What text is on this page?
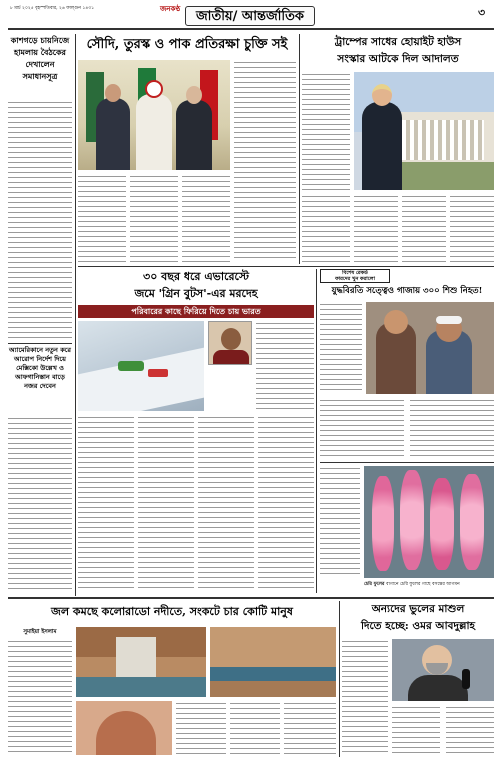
৮ মার্চ ২০২৫ বৃহস্পতিবার, ২৬ ফাল্গুন ১৪৩১	জনকণ্ঠ
জাতীয়/ আন্তর্জাতিক	৩
কাশগড়ে চায়নিজে হামলায় বৈঠকের দেখালেন সমাধানসূত্র
অ্যামেরিকানে নতুন করে আরোপ নির্দেশ দিয়ে মেক্সিকো উল্লেখ ও আফগানিস্তান বাড়ে নজর দেবেন
সৌদি, তুরস্ক ও পাক প্রতিরক্ষা চুক্তি সই	ট্রাম্পের সাধের হোয়াইট হাউস
সংস্কার আটকে দিল আদালত
৩০ বছর ধরে এভারেস্টে
জমে 'গ্রিন বুটস'-এর মরদেহ
পরিবারের কাছে ফিরিয়ে দিতে চায় ভারত
যুদ্ধবিরতি সত্ত্বেও গাজায় ৩০০ শিশু নিহত!
চেরি ফুলের বাগানে চেরি ফুলের গাছে বসন্তের আগমন
বিশেষ রেকর্ড
ফারদের খুন করালো
জল কমছে কলোরাডো নদীতে, সংকটে চার কোটি মানুষ
সুমাইয়া ইসলাম
অন্যদের ভুলের মাশুল
দিতে হচ্ছে: ওমর আবদুল্লাহ
